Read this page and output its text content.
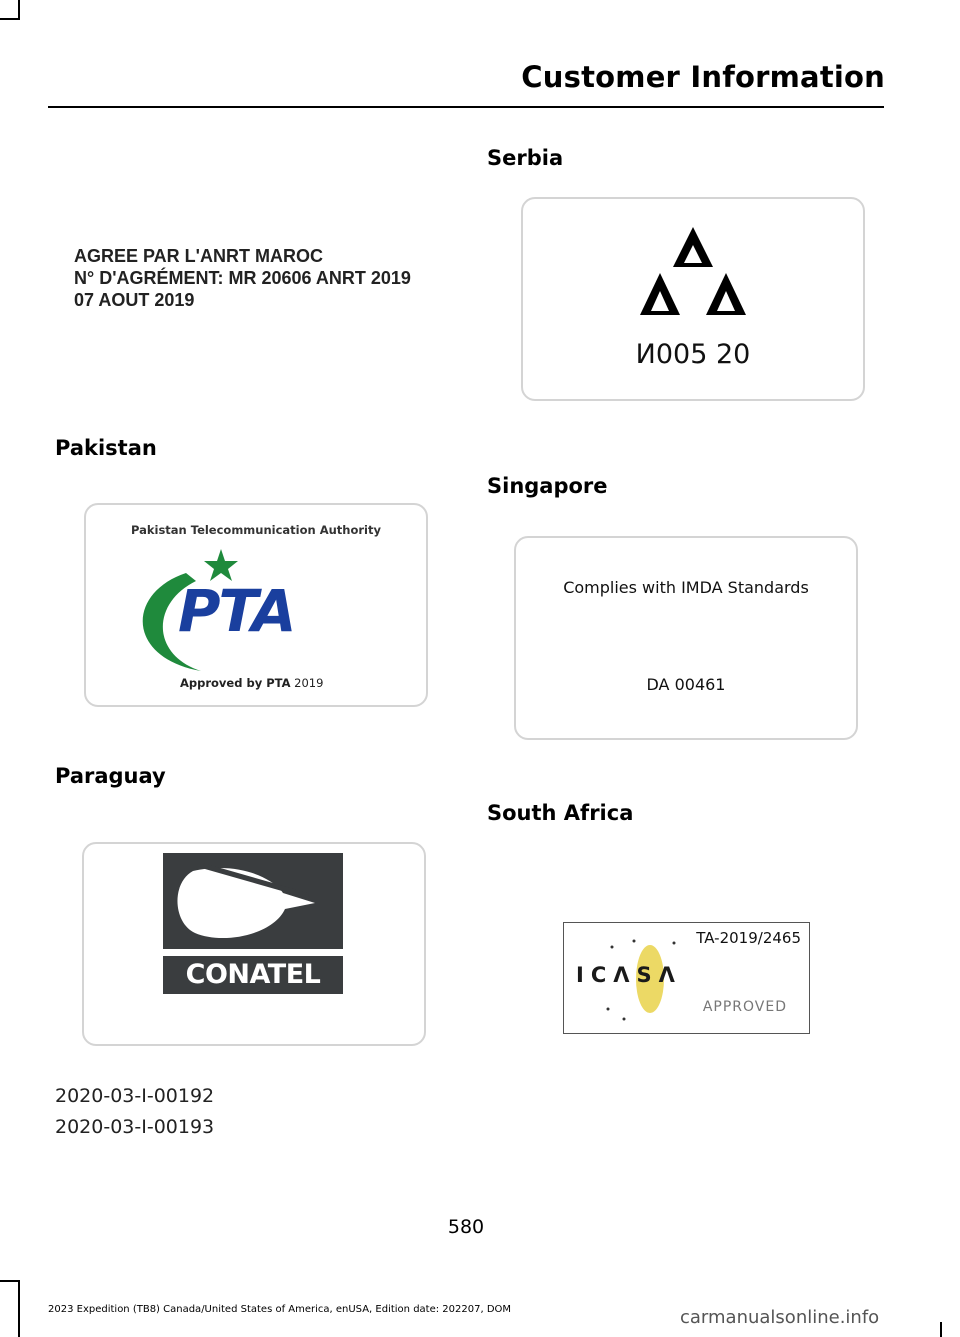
Customer Information
AGREE PAR L'ANRT MAROC
N° D'AGRÉMENT: MR 20606 ANRT 2019
07 AOUT 2019
Pakistan
Pakistan Telecommunication Authority
PTA
Approved by PTA 2019
Paraguay
CONATEL
2020-03-I-00192
2020-03-I-00193
Serbia
И005 20
Singapore
Complies with IMDA Standards
DA 00461
South Africa
TA-2019/2465
ICΛSΛ
APPROVED
580
2023 Expedition (TB8) Canada/United States of America, enUSA, Edition date: 202207, DOM	carmanualsonline.info
